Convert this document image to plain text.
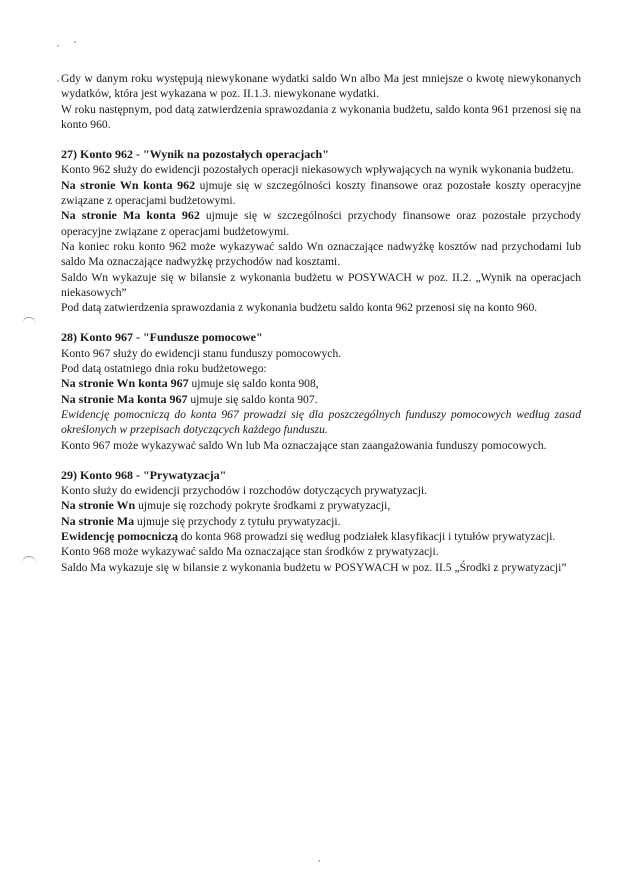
Gdy w danym roku występują niewykonane wydatki saldo Wn albo Ma jest mniejsze o kwotę niewykonanych wydatków, która jest wykazana w poz. II.1.3. niewykonane wydatki.

W roku następnym, pod datą zatwierdzenia sprawozdania z wykonania budżetu, saldo konta 961 przenosi się na konto 960.

27) Konto 962 - "Wynik na pozostałych operacjach"

Konto 962 służy do ewidencji pozostałych operacji niekasowych wpływających na wynik wykonania budżetu.

Na stronie Wn konta 962 ujmuje się w szczególności koszty finansowe oraz pozostałe koszty operacyjne związane z operacjami budżetowymi.

Na stronie Ma konta 962 ujmuje się w szczególności przychody finansowe oraz pozostałe przychody operacyjne związane z operacjami budżetowymi.

Na koniec roku konto 962 może wykazywać saldo Wn oznaczające nadwyżkę kosztów nad przychodami lub saldo Ma oznaczające nadwyżkę przychodów nad kosztami.

Saldo Wn wykazuje się w bilansie z wykonania budżetu w POSYWACH w poz. II.2. „Wynik na operacjach niekasowych”

Pod datą zatwierdzenia sprawozdania z wykonania budżetu saldo konta 962 przenosi się na konto 960.

28) Konto 967 - "Fundusze pomocowe"

Konto 967 służy do ewidencji stanu funduszy pomocowych.

Pod datą ostatniego dnia roku budżetowego:

Na stronie Wn konta 967 ujmuje się saldo konta 908,

Na stronie Ma konta 967 ujmuje się saldo konta 907.

Ewidencję pomocniczą do konta 967 prowadzi się dla poszczególnych funduszy pomocowych według zasad określonych w przepisach dotyczących każdego funduszu.

Konto 967 może wykazywać saldo Wn lub Ma oznaczające stan zaangażowania funduszy pomocowych.

29) Konto 968 - "Prywatyzacja"

Konto służy do ewidencji przychodów i rozchodów dotyczących prywatyzacji.

Na stronie Wn ujmuje się rozchody pokryte środkami z prywatyzacji,

Na stronie Ma ujmuje się przychody z tytułu prywatyzacji.

Ewidencję pomocniczą do konta 968 prowadzi się według podziałek klasyfikacji i tytułów prywatyzacji.

Konto 968 może wykazywać saldo Ma oznaczające stan środków z prywatyzacji.

Saldo Ma wykazuje się w bilansie z wykonania budżetu w POSYWACH w poz. II.5 „Środki z prywatyzacji”
